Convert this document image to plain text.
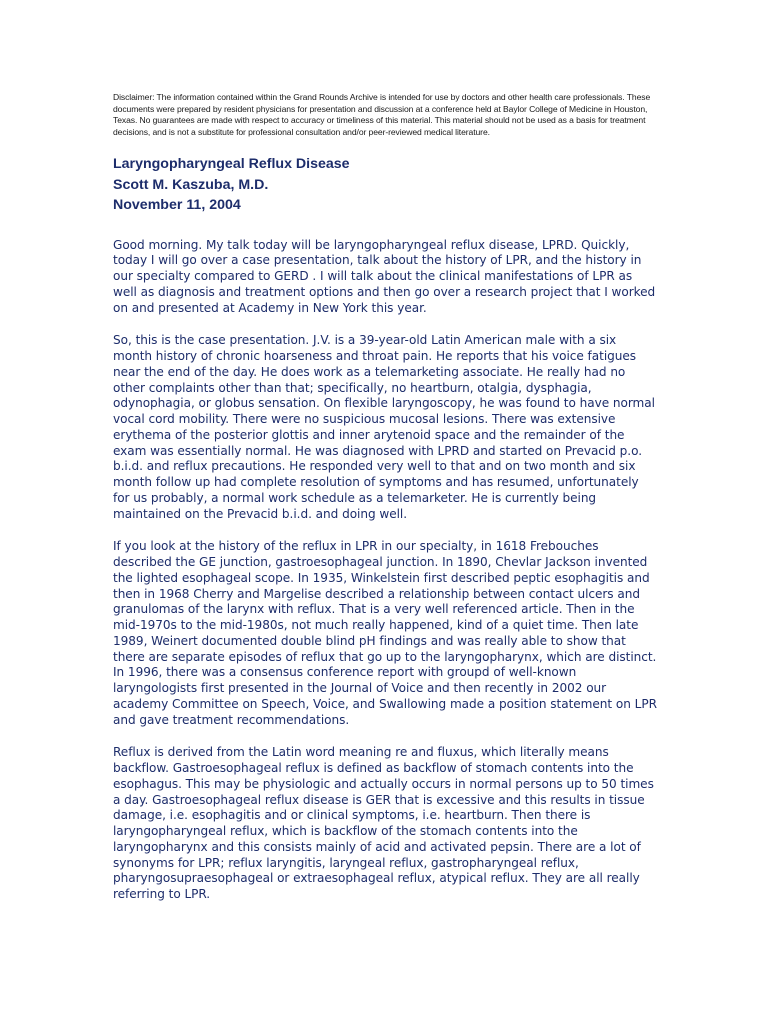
Disclaimer: The information contained within the Grand Rounds Archive is intended for use by doctors and other health care professionals. These documents were prepared by resident physicians for presentation and discussion at a conference held at Baylor College of Medicine in Houston, Texas. No guarantees are made with respect to accuracy or timeliness of this material. This material should not be used as a basis for treatment decisions, and is not a substitute for professional consultation and/or peer-reviewed medical literature.

Laryngopharyngeal Reflux Disease
Scott M. Kaszuba, M.D.
November 11, 2004

Good morning. My talk today will be laryngopharyngeal reflux disease, LPRD. Quickly, today I will go over a case presentation, talk about the history of LPR, and the history in our specialty compared to GERD . I will talk about the clinical manifestations of LPR as well as diagnosis and treatment options and then go over a research project that I worked on and presented at Academy in New York this year.

So, this is the case presentation. J.V. is a 39-year-old Latin American male with a six month history of chronic hoarseness and throat pain. He reports that his voice fatigues near the end of the day. He does work as a telemarketing associate. He really had no other complaints other than that; specifically, no heartburn, otalgia, dysphagia, odynophagia, or globus sensation. On flexible laryngoscopy, he was found to have normal vocal cord mobility. There were no suspicious mucosal lesions. There was extensive erythema of the posterior glottis and inner arytenoid space and the remainder of the exam was essentially normal. He was diagnosed with LPRD and started on Prevacid p.o. b.i.d. and reflux precautions. He responded very well to that and on two month and six month follow up had complete resolution of symptoms and has resumed, unfortunately for us probably, a normal work schedule as a telemarketer. He is currently being maintained on the Prevacid b.i.d. and doing well.

If you look at the history of the reflux in LPR in our specialty, in 1618 Frebouches described the GE junction, gastroesophageal junction. In 1890, Chevlar Jackson invented the lighted esophageal scope. In 1935, Winkelstein first described peptic esophagitis and then in 1968 Cherry and Margelise described a relationship between contact ulcers and granulomas of the larynx with reflux. That is a very well referenced article. Then in the mid-1970s to the mid-1980s, not much really happened, kind of a quiet time. Then late 1989, Weinert documented double blind pH findings and was really able to show that there are separate episodes of reflux that go up to the laryngopharynx, which are distinct. In 1996, there was a consensus conference report with groupd of well-known laryngologists first presented in the Journal of Voice and then recently in 2002 our academy Committee on Speech, Voice, and Swallowing made a position statement on LPR and gave treatment recommendations.

Reflux is derived from the Latin word meaning re and fluxus, which literally means backflow. Gastroesophageal reflux is defined as backflow of stomach contents into the esophagus. This may be physiologic and actually occurs in normal persons up to 50 times a day. Gastroesophageal reflux disease is GER that is excessive and this results in tissue damage, i.e. esophagitis and or clinical symptoms, i.e. heartburn. Then there is laryngopharyngeal reflux, which is backflow of the stomach contents into the laryngopharynx and this consists mainly of acid and activated pepsin. There are a lot of synonyms for LPR; reflux laryngitis, laryngeal reflux, gastropharyngeal reflux, pharyngosupraesophageal or extraesophageal reflux, atypical reflux. They are all really referring to LPR.
